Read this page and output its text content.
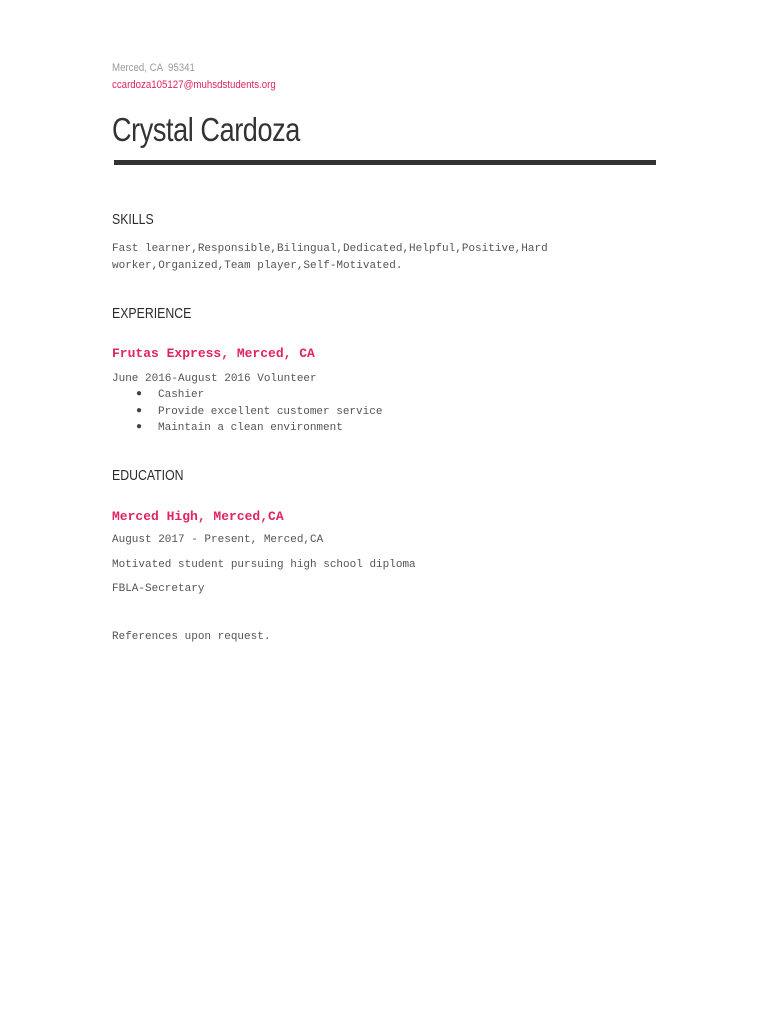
Merced, CA  95341
ccardoza105127@muhsdstudents.org
Crystal Cardoza
SKILLS

Fast learner,Responsible,Bilingual,Dedicated,Helpful,Positive,Hard worker,Organized,Team player,Self-Motivated.

EXPERIENCE
Frutas Express, Merced, CA

June 2016-August 2016 Volunteer

● Cashier
● Provide excellent customer service
● Maintain a clean environment
EDUCATION
Merced High, Merced,CA

August 2017 - Present, Merced,CA

Motivated student pursuing high school diploma

FBLA-Secretary

References upon request.
